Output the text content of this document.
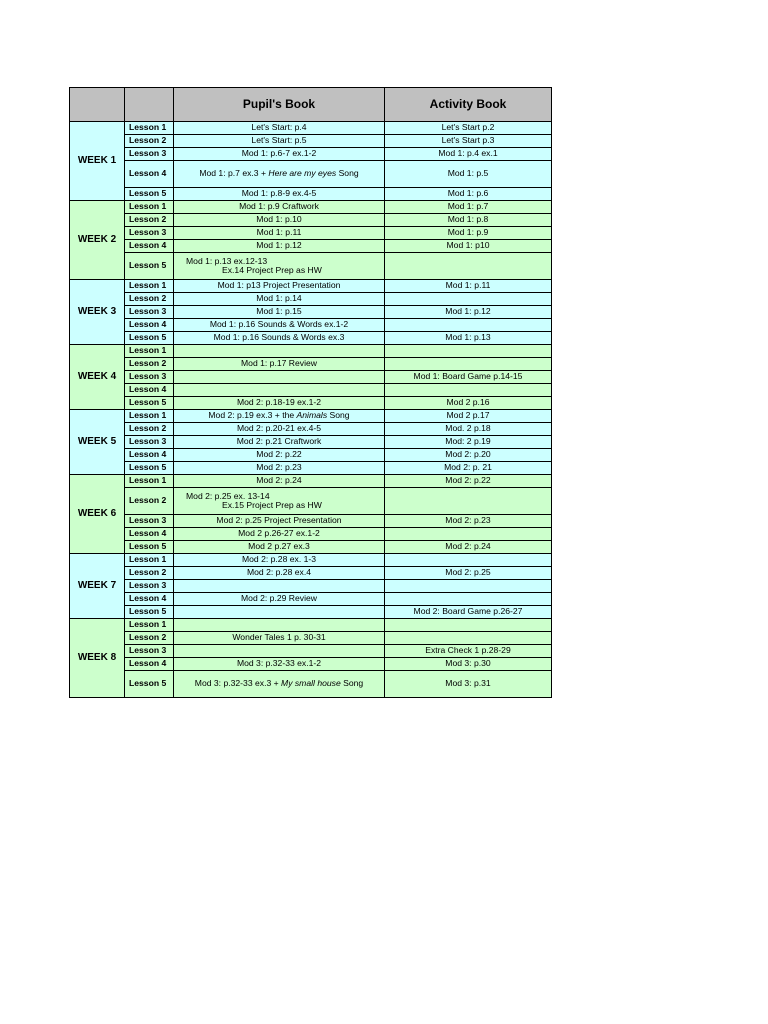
		Pupil's Book	Activity Book
WEEK 1	Lesson 1	Let's Start: p.4	Let's Start p.2
	Lesson 2	Let's Start: p.5	Let's Start p.3
	Lesson 3	Mod 1: p.6-7 ex.1-2	Mod 1: p.4 ex.1
	Lesson 4	Mod 1: p.7 ex.3 + Here are my eyes Song	Mod 1: p.5
	Lesson 5	Mod 1: p.8-9 ex.4-5	Mod 1: p.6
WEEK 2	Lesson 1	Mod 1: p.9 Craftwork	Mod 1: p.7
	Lesson 2	Mod 1: p.10	Mod 1: p.8
	Lesson 3	Mod 1: p.11	Mod 1: p.9
	Lesson 4	Mod 1: p.12	Mod 1: p10
	Lesson 5	Mod 1: p.13 ex.12-13
Ex.14 Project Prep as HW	

WEEK 3	Lesson 1	Mod 1: p13 Project Presentation	Mod 1: p.11
	Lesson 2	Mod 1: p.14	
	Lesson 3	Mod 1: p.15	Mod 1: p.12
	Lesson 4	Mod 1: p.16 Sounds & Words ex.1-2	
	Lesson 5	Mod 1: p.16 Sounds & Words ex.3	Mod 1: p.13
WEEK 4	Lesson 1		
	Lesson 2	Mod 1: p.17 Review	
	Lesson 3		Mod 1: Board Game p.14-15
	Lesson 4		
	Lesson 5	Mod 2: p.18-19 ex.1-2	Mod 2 p.16
WEEK 5	Lesson 1	Mod 2: p.19 ex.3 + the Animals Song	Mod 2 p.17
	Lesson 2	Mod 2: p.20-21 ex.4-5	Mod. 2 p.18
	Lesson 3	Mod 2: p.21 Craftwork	Mod: 2 p.19
	Lesson 4	Mod 2: p.22	Mod 2: p.20
	Lesson 5	Mod 2: p.23	Mod 2: p. 21
WEEK 6	Lesson 1	Mod 2: p.24	Mod 2: p.22
	Lesson 2	Mod 2: p.25 ex. 13-14
Ex.15 Project Prep as HW	

	Lesson 3	Mod 2: p.25 Project Presentation	Mod 2: p.23
	Lesson 4	Mod 2 p.26-27 ex.1-2	
	Lesson 5	Mod 2 p.27 ex.3	Mod 2: p.24
WEEK 7	Lesson 1	Mod 2: p.28 ex. 1-3	
	Lesson 2	Mod 2: p.28 ex.4	Mod 2: p.25
	Lesson 3		
	Lesson 4	Mod 2: p.29 Review	
	Lesson 5		Mod 2: Board Game p.26-27
WEEK 8	Lesson 1		
	Lesson 2	Wonder Tales 1 p. 30-31	
	Lesson 3		Extra Check 1 p.28-29
	Lesson 4	Mod 3: p.32-33 ex.1-2	Mod 3: p.30
	Lesson 5	Mod 3: p.32-33 ex.3 + My small house Song	Mod 3: p.31
